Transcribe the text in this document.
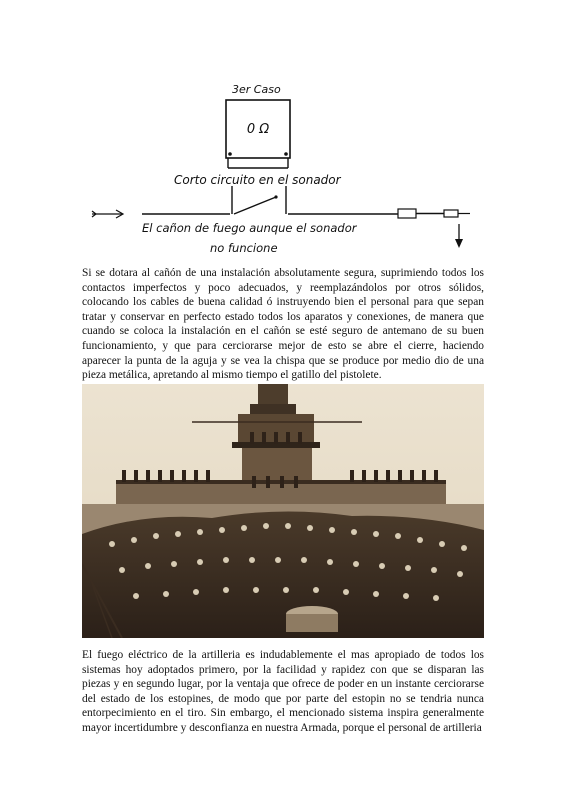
3er Caso
0 Ω
Corto circuito en el sonador
El cañon de fuego aunque el sonador
no funcione

Si se dotara al cañón de una instalación absolutamente segura, suprimiendo todos los contactos imperfectos y poco adecuados, y reemplazándolos por otros sólidos, colocando los cables de buena calidad ó instruyendo bien el personal para que sepan tratar y conservar en perfecto estado todos los aparatos y conexiones, de manera que cuando se coloca la instalación en el cañón se esté seguro de antemano de su buen funcionamiento, y que para cerciorarse mejor de esto se abre el cierre, haciendo aparecer la punta de la aguja y se vea la chispa que se produce por medio dio de una pieza metálica, apretando al mismo tiempo el gatillo del pistolete.

El fuego eléctrico de la artilleria es indudablemente el mas apropiado de todos los sistemas hoy adoptados primero, por la facilidad y rapidez con que se disparan las piezas y en segundo lugar, por la ventaja que ofrece de poder en un instante cerciorarse del estado de los estopines, de modo que por parte del estopin no se tendria nunca entorpecimiento en el tiro. Sin embargo, el mencionado sistema inspira generalmente mayor incertidumbre y desconfianza en nuestra Armada, porque el personal de artilleria
